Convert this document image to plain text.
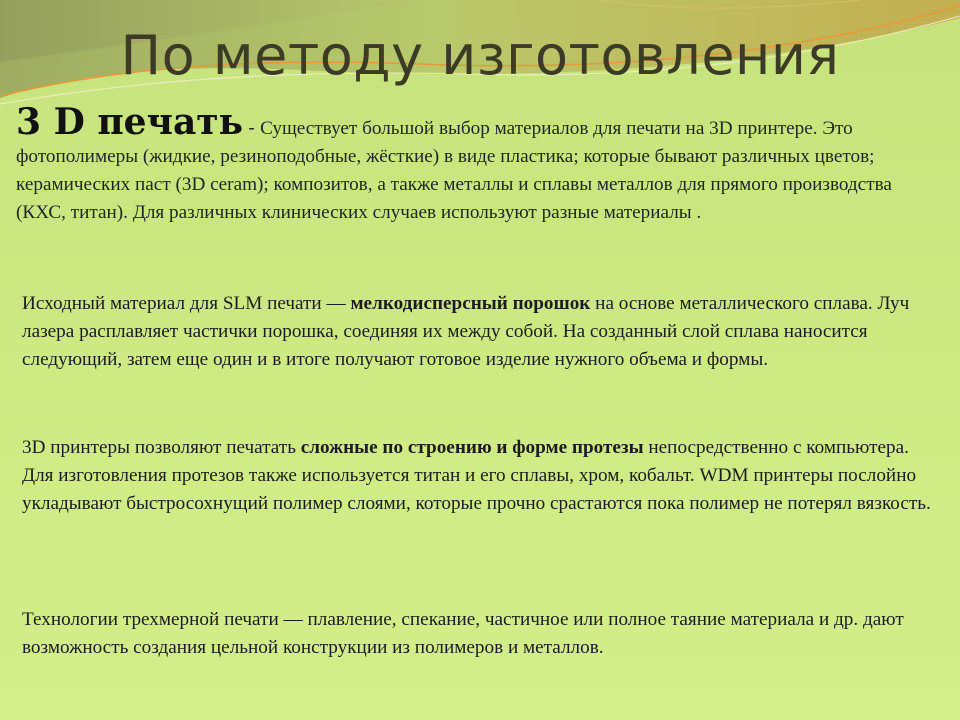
По методу изготовления

3 D печать - Существует большой выбор материалов для печати на 3D принтере. Это фотополимеры (жидкие, резиноподобные, жёсткие) в виде пластика; которые бывают различных цветов; керамических паст (3D ceram); композитов, а также металлы и сплавы металлов для прямого производства (КХС, титан). Для различных клинических случаев используют разные материалы .

Исходный материал для SLM печати — мелкодисперсный порошок на основе металлического сплава. Луч лазера расплавляет частички порошка, соединяя их между собой. На созданный слой сплава наносится следующий, затем еще один и в итоге получают готовое изделие нужного объема и формы.

3D принтеры позволяют печатать сложные по строению и форме протезы непосредственно с компьютера. Для изготовления протезов также используется титан и его сплавы, хром, кобальт. WDM принтеры послойно укладывают быстросохнущий полимер слоями, которые прочно срастаются пока полимер не потерял вязкость.

Технологии трехмерной печати — плавление, спекание, частичное или полное таяние материала и др. дают возможность создания цельной конструкции из полимеров и металлов.
